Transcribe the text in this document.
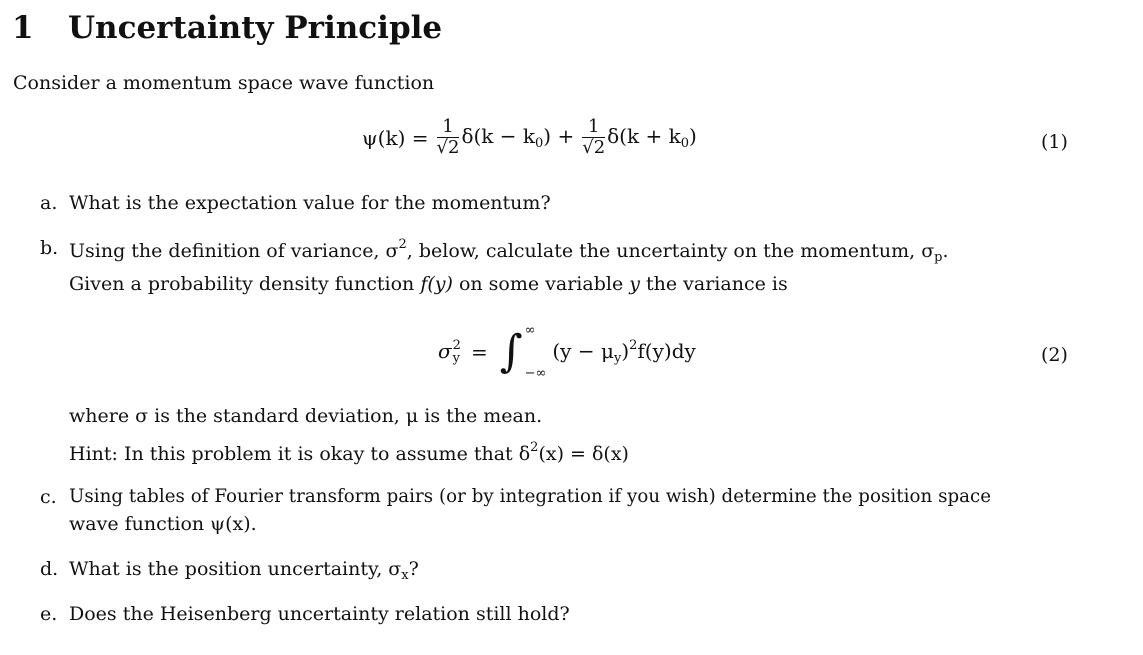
1 Uncertainty Principle
Consider a momentum space wave function
$\psi(k) = \frac{1}{√2} \delta(k - k_0) + \frac{1}{√2} \delta(k + k_0)$	(1)
a. What is the expectation value for the momentum?
b. Using the definition of variance, $\sigma^2$, below, calculate the uncertainty on the momentum, $\sigma_p$.
Given a probability density function f(y) on some variable y the variance is
σ 2
y = ∫ ∞
−∞
$(y - \mu_y)^2f(y)dy$	(2)
where σ is the standard deviation, μ is the mean.
Hint: In this problem it is okay to assume that $\delta^2(x) = \delta(x)$
c. Using tables of Fourier transform pairs (or by integration if you wish) determine the position space
wave function ψ(x).
d. What is the position uncertainty, $\sigma_x$?
e. Does the Heisenberg uncertainty relation still hold?
